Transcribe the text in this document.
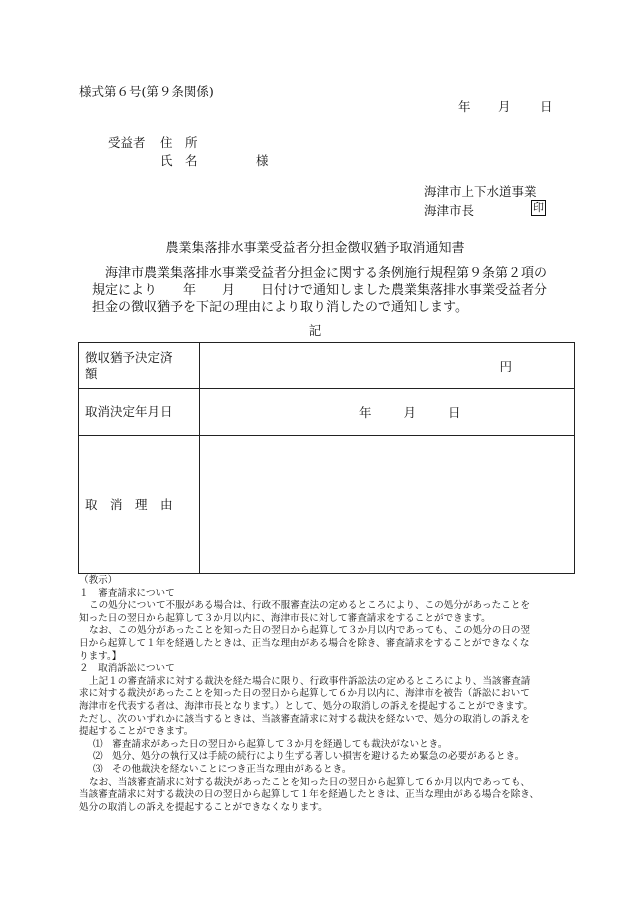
様式第６号(第９条関係)
年 月 日
受益者 住　所
氏　名	様
海津市上下水道事業
海津市長	印
農業集落排水事業受益者分担金徴収猶予取消通知書
海津市農業集落排水事業受益者分担金に関する条例施行規程第９条第２項の
規定により　　年　　月　　日付けで通知しました農業集落排水事業受益者分
担金の徴収猶予を下記の理由により取り消したので通知します。
記
徴収猶予決定済
額	円
取消決定年月日	年 月 日
取　消　理　由	
（教示）
１　審査請求について
この処分について不服がある場合は、行政不服審査法の定めるところにより、この処分があったことを
知った日の翌日から起算して３か月以内に、海津市長に対して審査請求をすることができます。
なお、この処分があったことを知った日の翌日から起算して３か月以内であっても、この処分の日の翌
日から起算して１年を経過したときは、正当な理由がある場合を除き、審査請求をすることができなくな
ります。】
２　取消訴訟について
上記１の審査請求に対する裁決を経た場合に限り、行政事件訴訟法の定めるところにより、当該審査請
求に対する裁決があったことを知った日の翌日から起算して６か月以内に、海津市を被告（訴訟において
海津市を代表する者は、海津市長となります。）として、処分の取消しの訴えを提起することができます。
ただし、次のいずれかに該当するときは、当該審査請求に対する裁決を経ないで、処分の取消しの訴えを
提起することができます。
⑴　審査請求があった日の翌日から起算して３か月を経過しても裁決がないとき。
⑵　処分、処分の執行又は手続の続行により生ずる著しい損害を避けるため緊急の必要があるとき。
⑶　その他裁決を経ないことにつき正当な理由があるとき。
なお、当該審査請求に対する裁決があったことを知った日の翌日から起算して６か月以内であっても、
当該審査請求に対する裁決の日の翌日から起算して１年を経過したときは、正当な理由がある場合を除き、
処分の取消しの訴えを提起することができなくなります。
